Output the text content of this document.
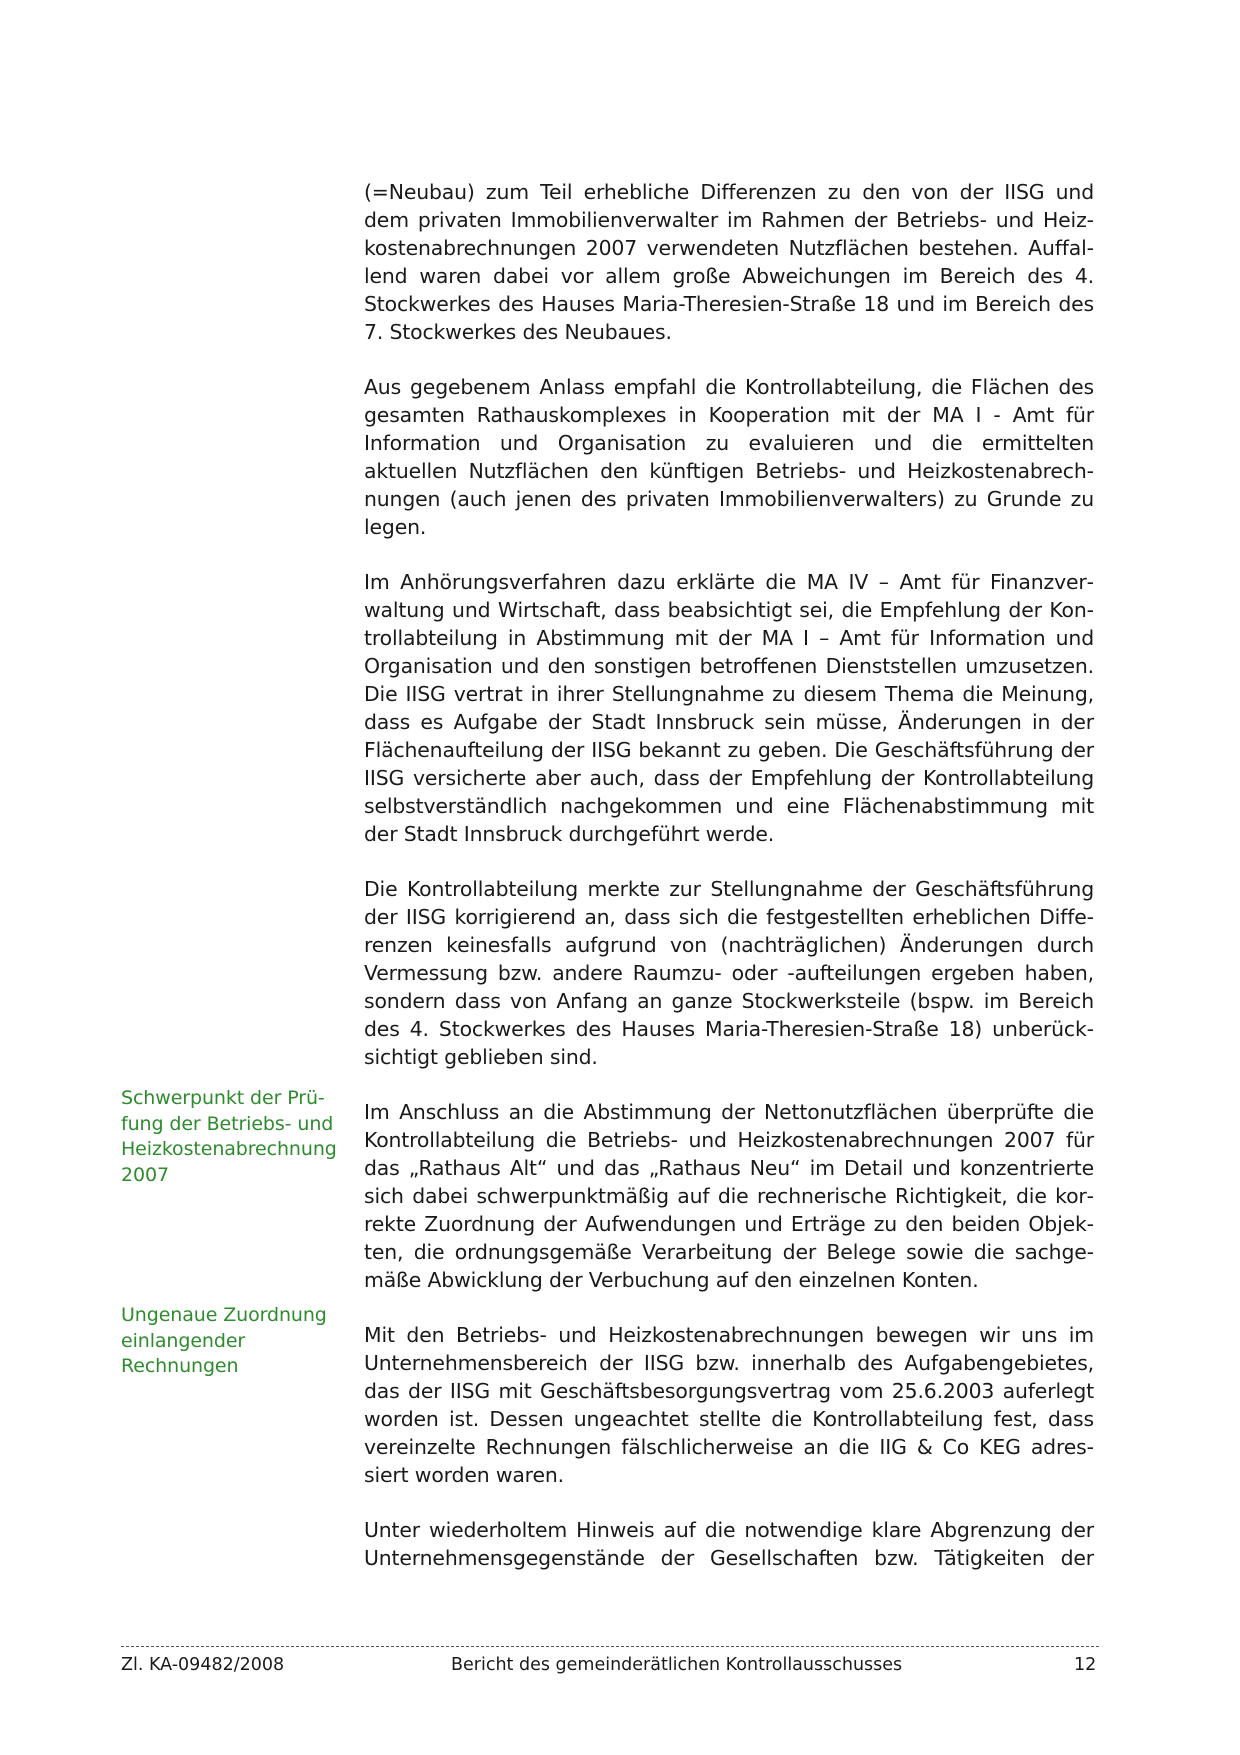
(=Neubau) zum Teil erhebliche Differenzen zu den von der IISG und dem privaten Immobilienverwalter im Rahmen der Betriebs- und Heizkostenabrechnungen 2007 verwendeten Nutzflächen bestehen. Auffallend waren dabei vor allem große Abweichungen im Bereich des 4. Stockwerkes des Hauses Maria-Theresien-Straße 18 und im Bereich des 7. Stockwerkes des Neubaues.

Aus gegebenem Anlass empfahl die Kontrollabteilung, die Flächen des gesamten Rathauskomplexes in Kooperation mit der MA I - Amt für Information und Organisation zu evaluieren und die ermittelten aktuellen Nutzflächen den künftigen Betriebs- und Heizkostenabrechnungen (auch jenen des privaten Immobilienverwalters) zu Grunde zu legen.

Im Anhörungsverfahren dazu erklärte die MA IV – Amt für Finanzverwaltung und Wirtschaft, dass beabsichtigt sei, die Empfehlung der Kontrollabteilung in Abstimmung mit der MA I – Amt für Information und Organisation und den sonstigen betroffenen Dienststellen umzusetzen. Die IISG vertrat in ihrer Stellungnahme zu diesem Thema die Meinung, dass es Aufgabe der Stadt Innsbruck sein müsse, Änderungen in der Flächenaufteilung der IISG bekannt zu geben. Die Geschäftsführung der IISG versicherte aber auch, dass der Empfehlung der Kontrollabteilung selbstverständlich nachgekommen und eine Flächenabstimmung mit der Stadt Innsbruck durchgeführt werde.

Die Kontrollabteilung merkte zur Stellungnahme der Geschäftsführung der IISG korrigierend an, dass sich die festgestellten erheblichen Differenzen keinesfalls aufgrund von (nachträglichen) Änderungen durch Vermessung bzw. andere Raumzu- oder -aufteilungen ergeben haben, sondern dass von Anfang an ganze Stockwerksteile (bspw. im Bereich des 4. Stockwerkes des Hauses Maria-Theresien-Straße 18) unberücksichtigt geblieben sind.

Im Anschluss an die Abstimmung der Nettonutzflächen überprüfte die Kontrollabteilung die Betriebs- und Heizkostenabrechnungen 2007 für das „Rathaus Alt“ und das „Rathaus Neu“ im Detail und konzentrierte sich dabei schwerpunktmäßig auf die rechnerische Richtigkeit, die korrekte Zuordnung der Aufwendungen und Erträge zu den beiden Objekten, die ordnungsgemäße Verarbeitung der Belege sowie die sachgemäße Abwicklung der Verbuchung auf den einzelnen Konten.

Mit den Betriebs- und Heizkostenabrechnungen bewegen wir uns im Unternehmensbereich der IISG bzw. innerhalb des Aufgabengebietes, das der IISG mit Geschäftsbesorgungsvertrag vom 25.6.2003 auferlegt worden ist. Dessen ungeachtet stellte die Kontrollabteilung fest, dass vereinzelte Rechnungen fälschlicherweise an die IIG & Co KEG adressiert worden waren.

Unter wiederholtem Hinweis auf die notwendige klare Abgrenzung der Unternehmensgegenstände der Gesellschaften bzw. Tätigkeiten der

Schwerpunkt der Prüfung der Betriebs- und Heizkostenabrechnung 2007
Ungenaue Zuordnung einlangender Rechnungen
Zl. KA-09482/2008	Bericht des gemeinderätlichen Kontrollausschusses	12
